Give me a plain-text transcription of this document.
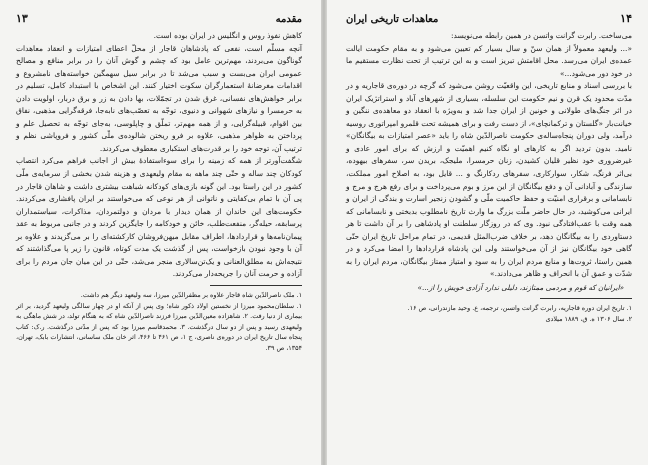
مقدمه
۱۳

کاهش نفوذ روس و انگلیس در ایران بوده است.

آنچه مسلّم است، نفعی که پادشاهان قاجار از محلّ اعطای امتیازات و انعقاد معاهدات گوناگون می‌بردند، مهم‌ترین عامل بود که چشم و گوش آنان را در برابر منافع و مصالح عمومی ایران می‌بست و سبب می‌شد تا در برابر سیل سهمگین خواسته‌های نامشروع و اقدامات مغرضانهٔ استعمارگران سکوت اختیار کنند. این اشخاص با استبداد کامل، تسلیم در برابر خواهش‌های نفسانی، غرق شدن در تجمّلات، بها دادن به زر و برق دربار، اولویت دادن به حرمسرا و نیازهای شهوانی و دنیوی، توجّه به تعصّب‌های نابه‌جا، فرقه‌گرایی مذهبی، نفاق بین اقوام، قبیله‌گرایی، و از همه مهم‌تر، تملّق و چاپلوسی، به‌جای توجّه به تحصیل علم و پرداختن به ظواهر مذهبی، علاوه بر فرو ریختن شالوده‌ی ملّی کشور و فروپاشی نظم و ترتیب آن، توجه خود را بر قدرت‌های استکباری معطوف می‌کردند.

شگفت‌آورتر از همه که زمینه را برای سوءاستفادهٔ بیش از اجانب فراهم می‌کرد انتصاب کودکان چند ساله و حتّی چند ماهه به مقام ولیعهدی و هزینه شدن بخشی از سرمایه‌ی ملّی کشور در این راستا بود. این گونه بازی‌های کودکانه شباهت بیشتری داشت و شاهان قاجار در پی آن با تمام بی‌کفایتی و ناتوانی از هر نوعی که می‌خواستند بر ایران پافشاری می‌کردند. حکومت‌های این خاندان از همان دیدار با مردان و دولتمردان، مذاکرات، سیاستمداران پرسابقه، حیله‌گر، منفعت‌طلب، خائن و خودکامه را جایگزین کردند و در جانبی مربوط به عقد پیمان‌نامه‌ها و قراردادها، اطراف مقابل میهن‌فروشان کارکشته‌ای را بر می‌گزیدند و علاوه بر آن با وجود نبودن بازخواست، پس از گذشت یک مدت کوتاه، قانون را زیر پا می‌گذاشتند که نتیجه‌اش به مطلق‌العنانی و یک‌تن‌سالاری منجر می‌شد، حتّی در این میان جان مردم را برای آزاده و حرمت آنان را جریحه‌دار می‌کردند.

۱. ملک ناصرالدّین شاه قاجار علاوه بر مظفرالدّین میرزا، سه ولیعهد دیگر هم داشت.

۱. سلطان‌محمود میرزا از نخستین اولاد ذکور شاه؛ وی پس از آنکه او در چهار سالگی ولیعهد گردید، بر اثر بیماری از دنیا رفت. ۲. شاهزاده معین‌الدّین میرزا فرزند ناصرالدّین شاه که به هنگام تولد، در شش ماهگی به ولیعهدی رسید و پس از دو سال درگذشت. ۳. محمدقاسم میرزا بود که پس از مدّتی درگذشت. ر.ک: کتاب پنجاه سال تاریخ ایران در دوره‌ی ناصری، ج ۱، ص ۴۶۱ تا ۴۶۶، اثر خان ملک ساسانی، انتشارات بابک، تهران، ۱۳۵۴، ص ۳۹.

۱۴
معاهدات تاریخی ایران

می‌ساخت. رابرت گرانت واتسن در همین رابطه می‌نویسد:

«... ولیعهد معمولاً از همان سنّ و سال بسیار کم تعیین می‌شود و به مقام حکومت ایالت عمده‌ی ایران می‌رسد. محل اقامتش تبریز است و به این ترتیب از تحت نظارت مستقیم ما در خود دور می‌شود...»

با بررسی اسناد و منابع تاریخی، این واقعیّت روشن می‌شود که گرچه در دوره‌ی قاجاریه و در مدّت محدود یک قرن و نیم حکومت این سلسله، بسیاری از شهرهای آباد و استراتژیک ایران در اثر جنگ‌های طولانی و خونین از ایران جدا شد و به‌ویژه با انعقاد دو معاهده‌ی ننگین و خیانت‌بار «گلستان و ترکمانچای»، از دست رفت و برای همیشه تحت قلمرو امپراتوری روسیه درآمد، ولی دوران پنجاه‌ساله‌ی حکومت ناصرالدّین شاه را باید «عصر امتیازات به بیگانگان» نامید. بدون تردید اگر به کارهای او نگاه کنیم اهمیّت و ارزش که برای امور عادی و غیرضروری خود نظیر قلیان کشیدن، زنان حرمسرا، ملیجک، بریدن سر، سفرهای بیهوده، بی‌اثر فرنگ، شکار، سوارکاری، سفرهای ردکارنگ و ... قایل بود، به اصلاح امور مملکت، سازندگی و آبادانی آن و دفع بیگانگان از این مرز و بوم می‌پرداخت و برای رفع هرج و مرج و نابسامانی و برقراری امنیّت و حفظ حاکمیت ملّی و گشودن زنجیر اسارت و بندگی از ایران و ایرانی می‌کوشید، در حال حاضر ملّت بزرگ ما وارث تاریخ نامطلوب بدبختی و نابسامانی که همه وقت با عقب‌افتادگی نبود. وی که در روزگار سلطنت او پادشاهی را بر آن داشت تا هر دستاوردی را به بیگانگان دهد، بر خلاف ضرب‌المثل قدیمی، در تمام مراحل تاریخ ایران حتّی گاهی خود بیگانگان نیز از آن می‌خواستند ولی این پادشاه قراردادها را امضا می‌کرد و در همین راستا، ثروت‌ها و منابع مردم ایران را به سود و امتیاز ممتاز بیگانگان، مردم ایران را به شدّت و عمق آن با انحراف و ظاهر می‌دادند.»

«ایرانیان که قوم و مردمی ممتازند، دلیلی ندارد آزادی خویش را از...»

۱. تاریخ ایران دوره قاجاریه، رابرت گرانت واتسن، ترجمه، ع. وحید مازندرانی، ص ۱۶.

۲. سال ۱۳۰۶ ه. ق، ۱۸۸۹ میلادی
